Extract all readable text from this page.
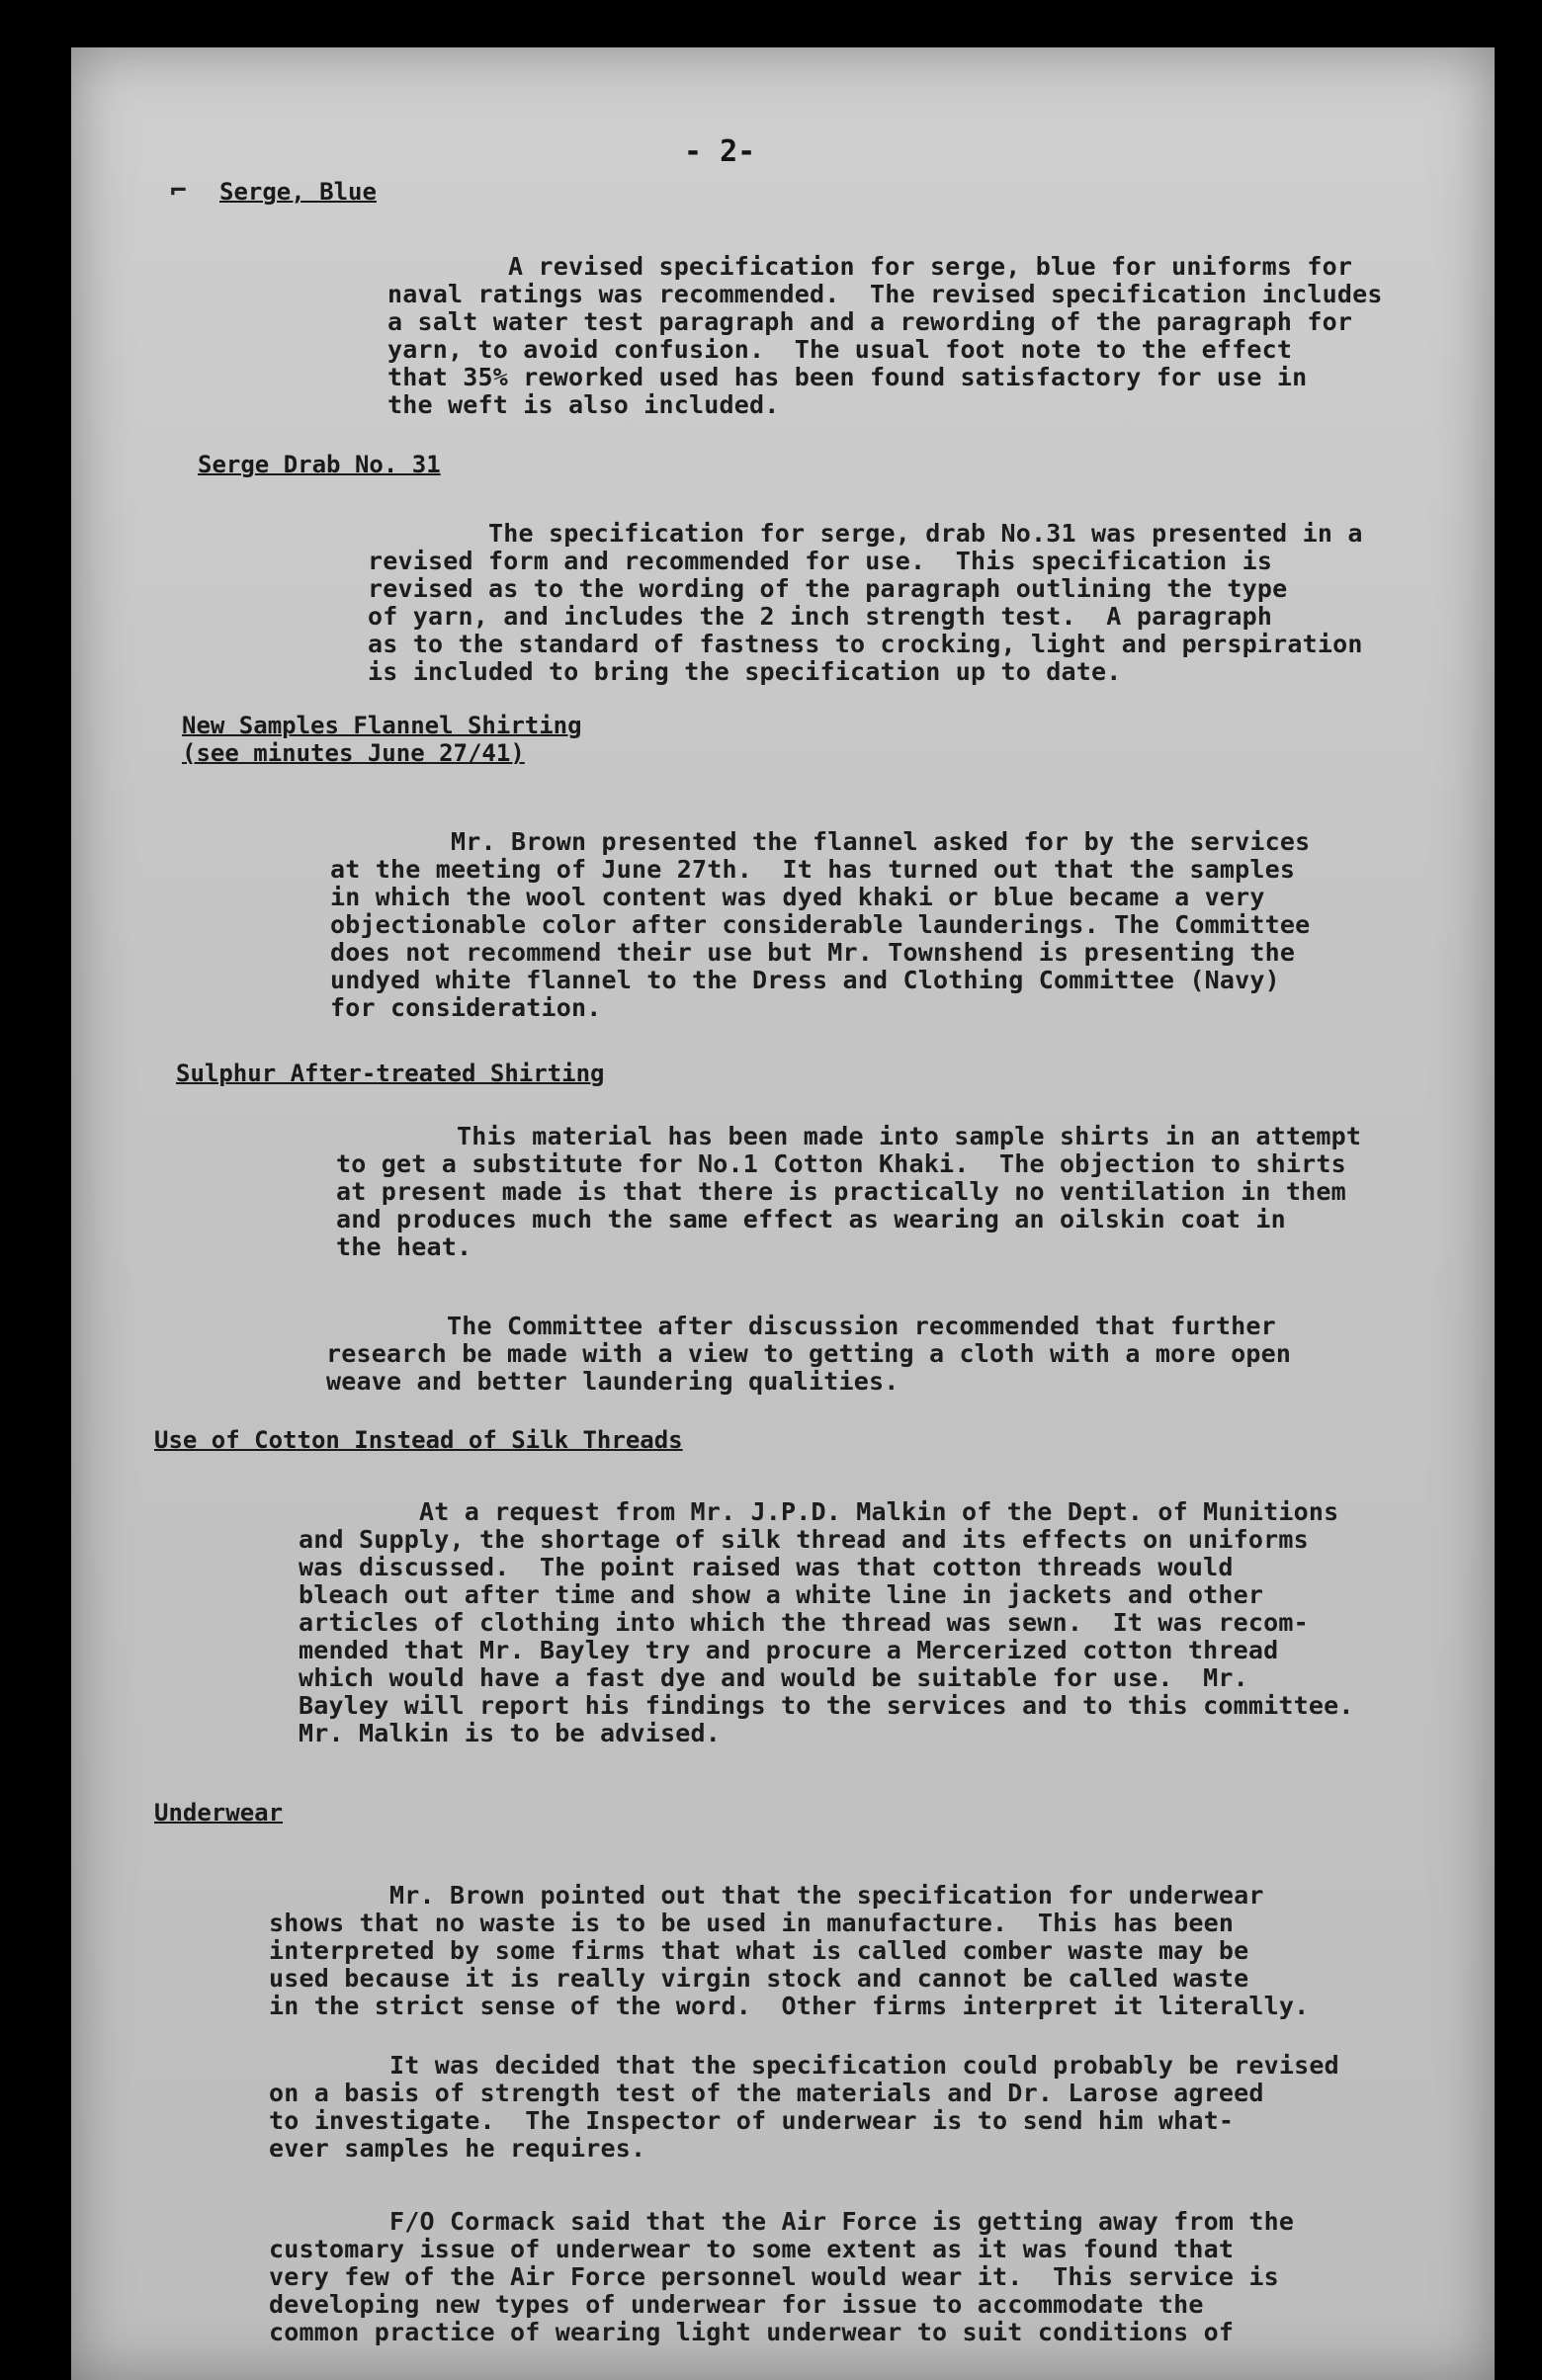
- 2-
⌐ Serge, Blue
A revised specification for serge, blue for uniforms for
naval ratings was recommended.  The revised specification includes
a salt water test paragraph and a rewording of the paragraph for
yarn, to avoid confusion.  The usual foot note to the effect
that 35% reworked used has been found satisfactory for use in
the weft is also included.
Serge Drab No. 31
The specification for serge, drab No.31 was presented in a
revised form and recommended for use.  This specification is
revised as to the wording of the paragraph outlining the type
of yarn, and includes the 2 inch strength test.  A paragraph
as to the standard of fastness to crocking, light and perspiration
is included to bring the specification up to date.
New Samples Flannel Shirting
(see minutes June 27/41)
Mr. Brown presented the flannel asked for by the services
at the meeting of June 27th.  It has turned out that the samples
in which the wool content was dyed khaki or blue became a very
objectionable color after considerable launderings. The Committee
does not recommend their use but Mr. Townshend is presenting the
undyed white flannel to the Dress and Clothing Committee (Navy)
for consideration.
Sulphur After-treated Shirting
This material has been made into sample shirts in an attempt
to get a substitute for No.1 Cotton Khaki.  The objection to shirts
at present made is that there is practically no ventilation in them
and produces much the same effect as wearing an oilskin coat in
the heat.
The Committee after discussion recommended that further
research be made with a view to getting a cloth with a more open
weave and better laundering qualities.
Use of Cotton Instead of Silk Threads
At a request from Mr. J.P.D. Malkin of the Dept. of Munitions
and Supply, the shortage of silk thread and its effects on uniforms
was discussed.  The point raised was that cotton threads would
bleach out after time and show a white line in jackets and other
articles of clothing into which the thread was sewn.  It was recom-
mended that Mr. Bayley try and procure a Mercerized cotton thread
which would have a fast dye and would be suitable for use.  Mr.
Bayley will report his findings to the services and to this committee.
Mr. Malkin is to be advised.
Underwear
Mr. Brown pointed out that the specification for underwear
shows that no waste is to be used in manufacture.  This has been
interpreted by some firms that what is called comber waste may be
used because it is really virgin stock and cannot be called waste
in the strict sense of the word.  Other firms interpret it literally.
It was decided that the specification could probably be revised
on a basis of strength test of the materials and Dr. Larose agreed
to investigate.  The Inspector of underwear is to send him what-
ever samples he requires.
F/O Cormack said that the Air Force is getting away from the
customary issue of underwear to some extent as it was found that
very few of the Air Force personnel would wear it.  This service is
developing new types of underwear for issue to accommodate the
common practice of wearing light underwear to suit conditions of
